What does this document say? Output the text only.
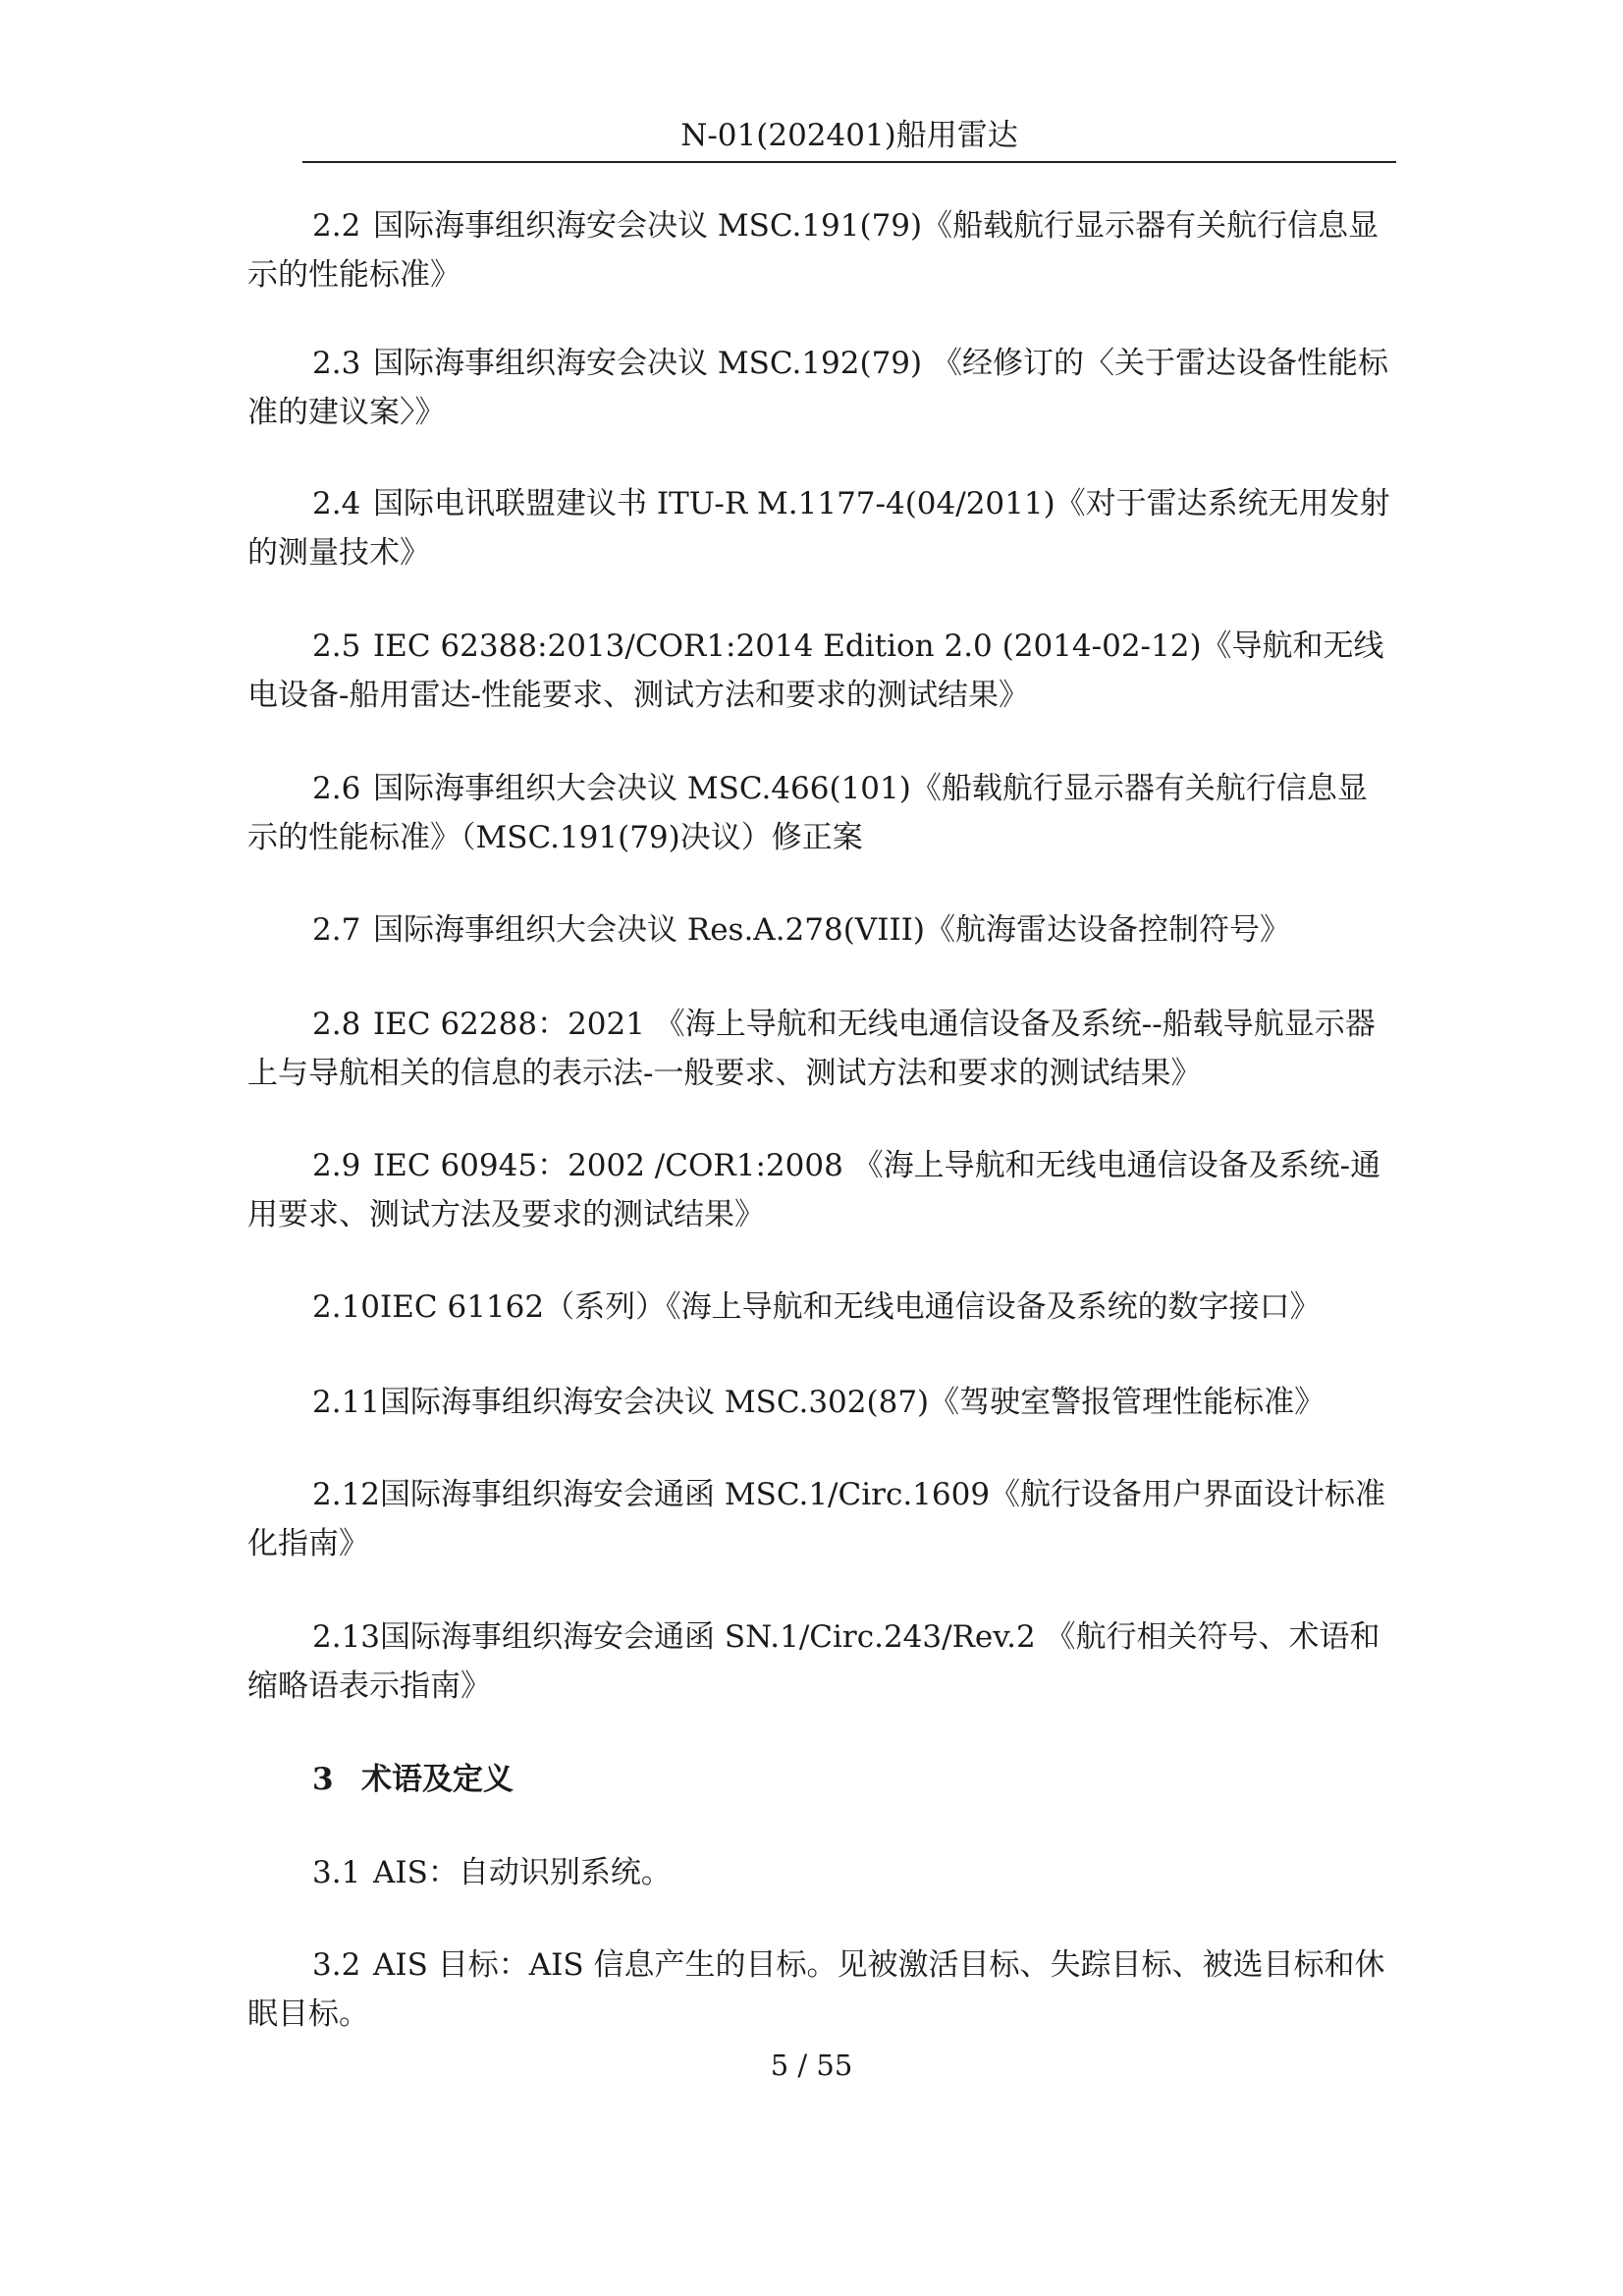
N-01(202401)船用雷达

2.2 国际海事组织海安会决议 MSC.191(79)《船载航行显示器有关航行信息显示的性能标准》

2.3 国际海事组织海安会决议 MSC.192(79) 《经修订的〈关于雷达设备性能标准的建议案〉》

2.4 国际电讯联盟建议书 ITU-R M.1177-4(04/2011)《对于雷达系统无用发射的测量技术》

2.5 IEC 62388:2013/COR1:2014 Edition 2.0 (2014-02-12)《导航和无线电设备-船用雷达-性能要求、测试方法和要求的测试结果》

2.6 国际海事组织大会决议 MSC.466(101)《船载航行显示器有关航行信息显示的性能标准》（MSC.191(79)决议）修正案

2.7 国际海事组织大会决议 Res.A.278(VIII)《航海雷达设备控制符号》

2.8 IEC 62288：2021 《海上导航和无线电通信设备及系统--船载导航显示器上与导航相关的信息的表示法-一般要求、测试方法和要求的测试结果》

2.9 IEC 60945：2002 /COR1:2008 《海上导航和无线电通信设备及系统-通用要求、测试方法及要求的测试结果》

2.10IEC 61162（系列）《海上导航和无线电通信设备及系统的数字接口》

2.11国际海事组织海安会决议 MSC.302(87)《驾驶室警报管理性能标准》

2.12国际海事组织海安会通函 MSC.1/Circ.1609《航行设备用户界面设计标准化指南》

2.13国际海事组织海安会通函 SN.1/Circ.243/Rev.2 《航行相关符号、术语和缩略语表示指南》

3 术语及定义

3.1 AIS：自动识别系统。

3.2 AIS 目标：AIS 信息产生的目标。见被激活目标、失踪目标、被选目标和休眠目标。

5 / 55
